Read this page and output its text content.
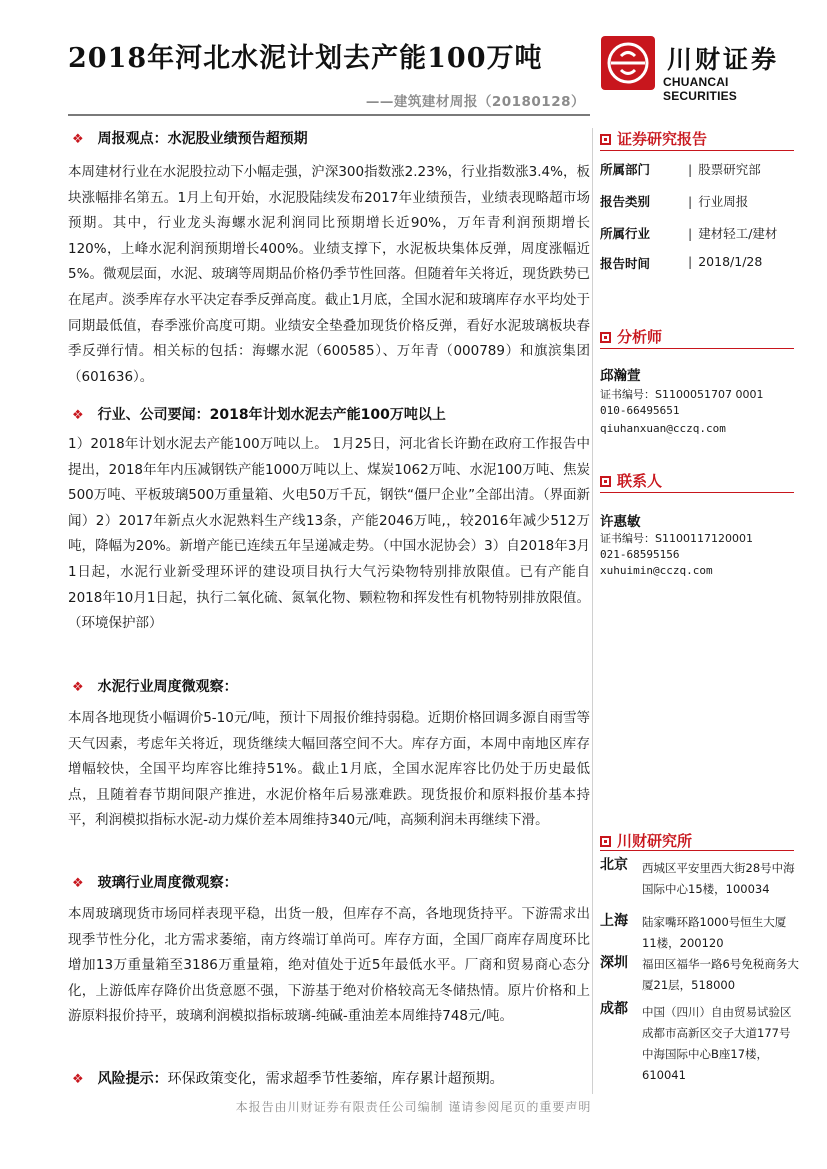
2018年河北水泥计划去产能100万吨
——建筑建材周报（20180128）
川财证券
CHUANCAI SECURITIES
❖ 周报观点：水泥股业绩预告超预期
本周建材行业在水泥股拉动下小幅走强，沪深300指数涨2.23%，行业指数涨3.4%，板块涨幅排名第五。1月上旬开始，水泥股陆续发布2017年业绩预告，业绩表现略超市场预期。其中，行业龙头海螺水泥利润同比预期增长近90%，万年青利润预期增长120%，上峰水泥利润预期增长400%。业绩支撑下，水泥板块集体反弹，周度涨幅近5%。微观层面，水泥、玻璃等周期品价格仍季节性回落。但随着年关将近，现货跌势已在尾声。淡季库存水平决定春季反弹高度。截止1月底，全国水泥和玻璃库存水平均处于同期最低值，春季涨价高度可期。业绩安全垫叠加现货价格反弹，看好水泥玻璃板块春季反弹行情。相关标的包括：海螺水泥（600585）、万年青（000789）和旗滨集团（601636）。
❖ 行业、公司要闻：2018年计划水泥去产能100万吨以上
1）2018年计划水泥去产能100万吨以上。 1月25日，河北省长许勤在政府工作报告中提出，2018年年内压减钢铁产能1000万吨以上、煤炭1062万吨、水泥100万吨、焦炭500万吨、平板玻璃500万重量箱、火电50万千瓦，钢铁“僵尸企业”全部出清。（界面新闻）2）2017年新点火水泥熟料生产线13条，产能2046万吨,，较2016年减少512万吨，降幅为20%。新增产能已连续五年呈递减走势。（中国水泥协会）3）自2018年3月1日起，水泥行业新受理环评的建设项目执行大气污染物特别排放限值。已有产能自2018年10月1日起，执行二氧化硫、氮氧化物、颗粒物和挥发性有机物特别排放限值。（环境保护部）
❖ 水泥行业周度微观察：
本周各地现货小幅调价5-10元/吨，预计下周报价维持弱稳。近期价格回调多源自雨雪等天气因素，考虑年关将近，现货继续大幅回落空间不大。库存方面，本周中南地区库存增幅较快，全国平均库容比维持51%。截止1月底，全国水泥库容比仍处于历史最低点，且随着春节期间限产推进，水泥价格年后易涨难跌。现货报价和原料报价基本持平，利润模拟指标水泥-动力煤价差本周维持340元/吨，高频利润未再继续下滑。
❖ 玻璃行业周度微观察：
本周玻璃现货市场同样表现平稳，出货一般，但库存不高，各地现货持平。下游需求出现季节性分化，北方需求萎缩，南方终端订单尚可。库存方面，全国厂商库存周度环比增加13万重量箱至3186万重量箱，绝对值处于近5年最低水平。厂商和贸易商心态分化，上游低库存降价出货意愿不强，下游基于绝对价格较高无冬储热情。原片价格和上游原料报价持平，玻璃利润模拟指标玻璃-纯碱-重油差本周维持748元/吨。
❖ 风险提示：环保政策变化，需求超季节性萎缩，库存累计超预期。
证券研究报告
所属部门	| 股票研究部
报告类别	| 行业周报
所属行业	| 建材轻工/建材
报告时间	| 2018/1/28
分析师
邱瀚萱
证书编号：S1100051707 0001
010-66495651
qiuhanxuan@cczq.com
联系人
许惠敏
证书编号：S1100117120001
021-68595156
xuhuimin@cczq.com
川财研究所
北京 西城区平安里西大街28号中海国际中心15楼，100034
上海 陆家嘴环路1000号恒生大厦11楼，200120
深圳 福田区福华一路6号免税商务大厦21层，518000
成都 中国（四川）自由贸易试验区成都市高新区交子大道177号中海国际中心B座17楼，610041
本报告由川财证券有限责任公司编制 谨请参阅尾页的重要声明
